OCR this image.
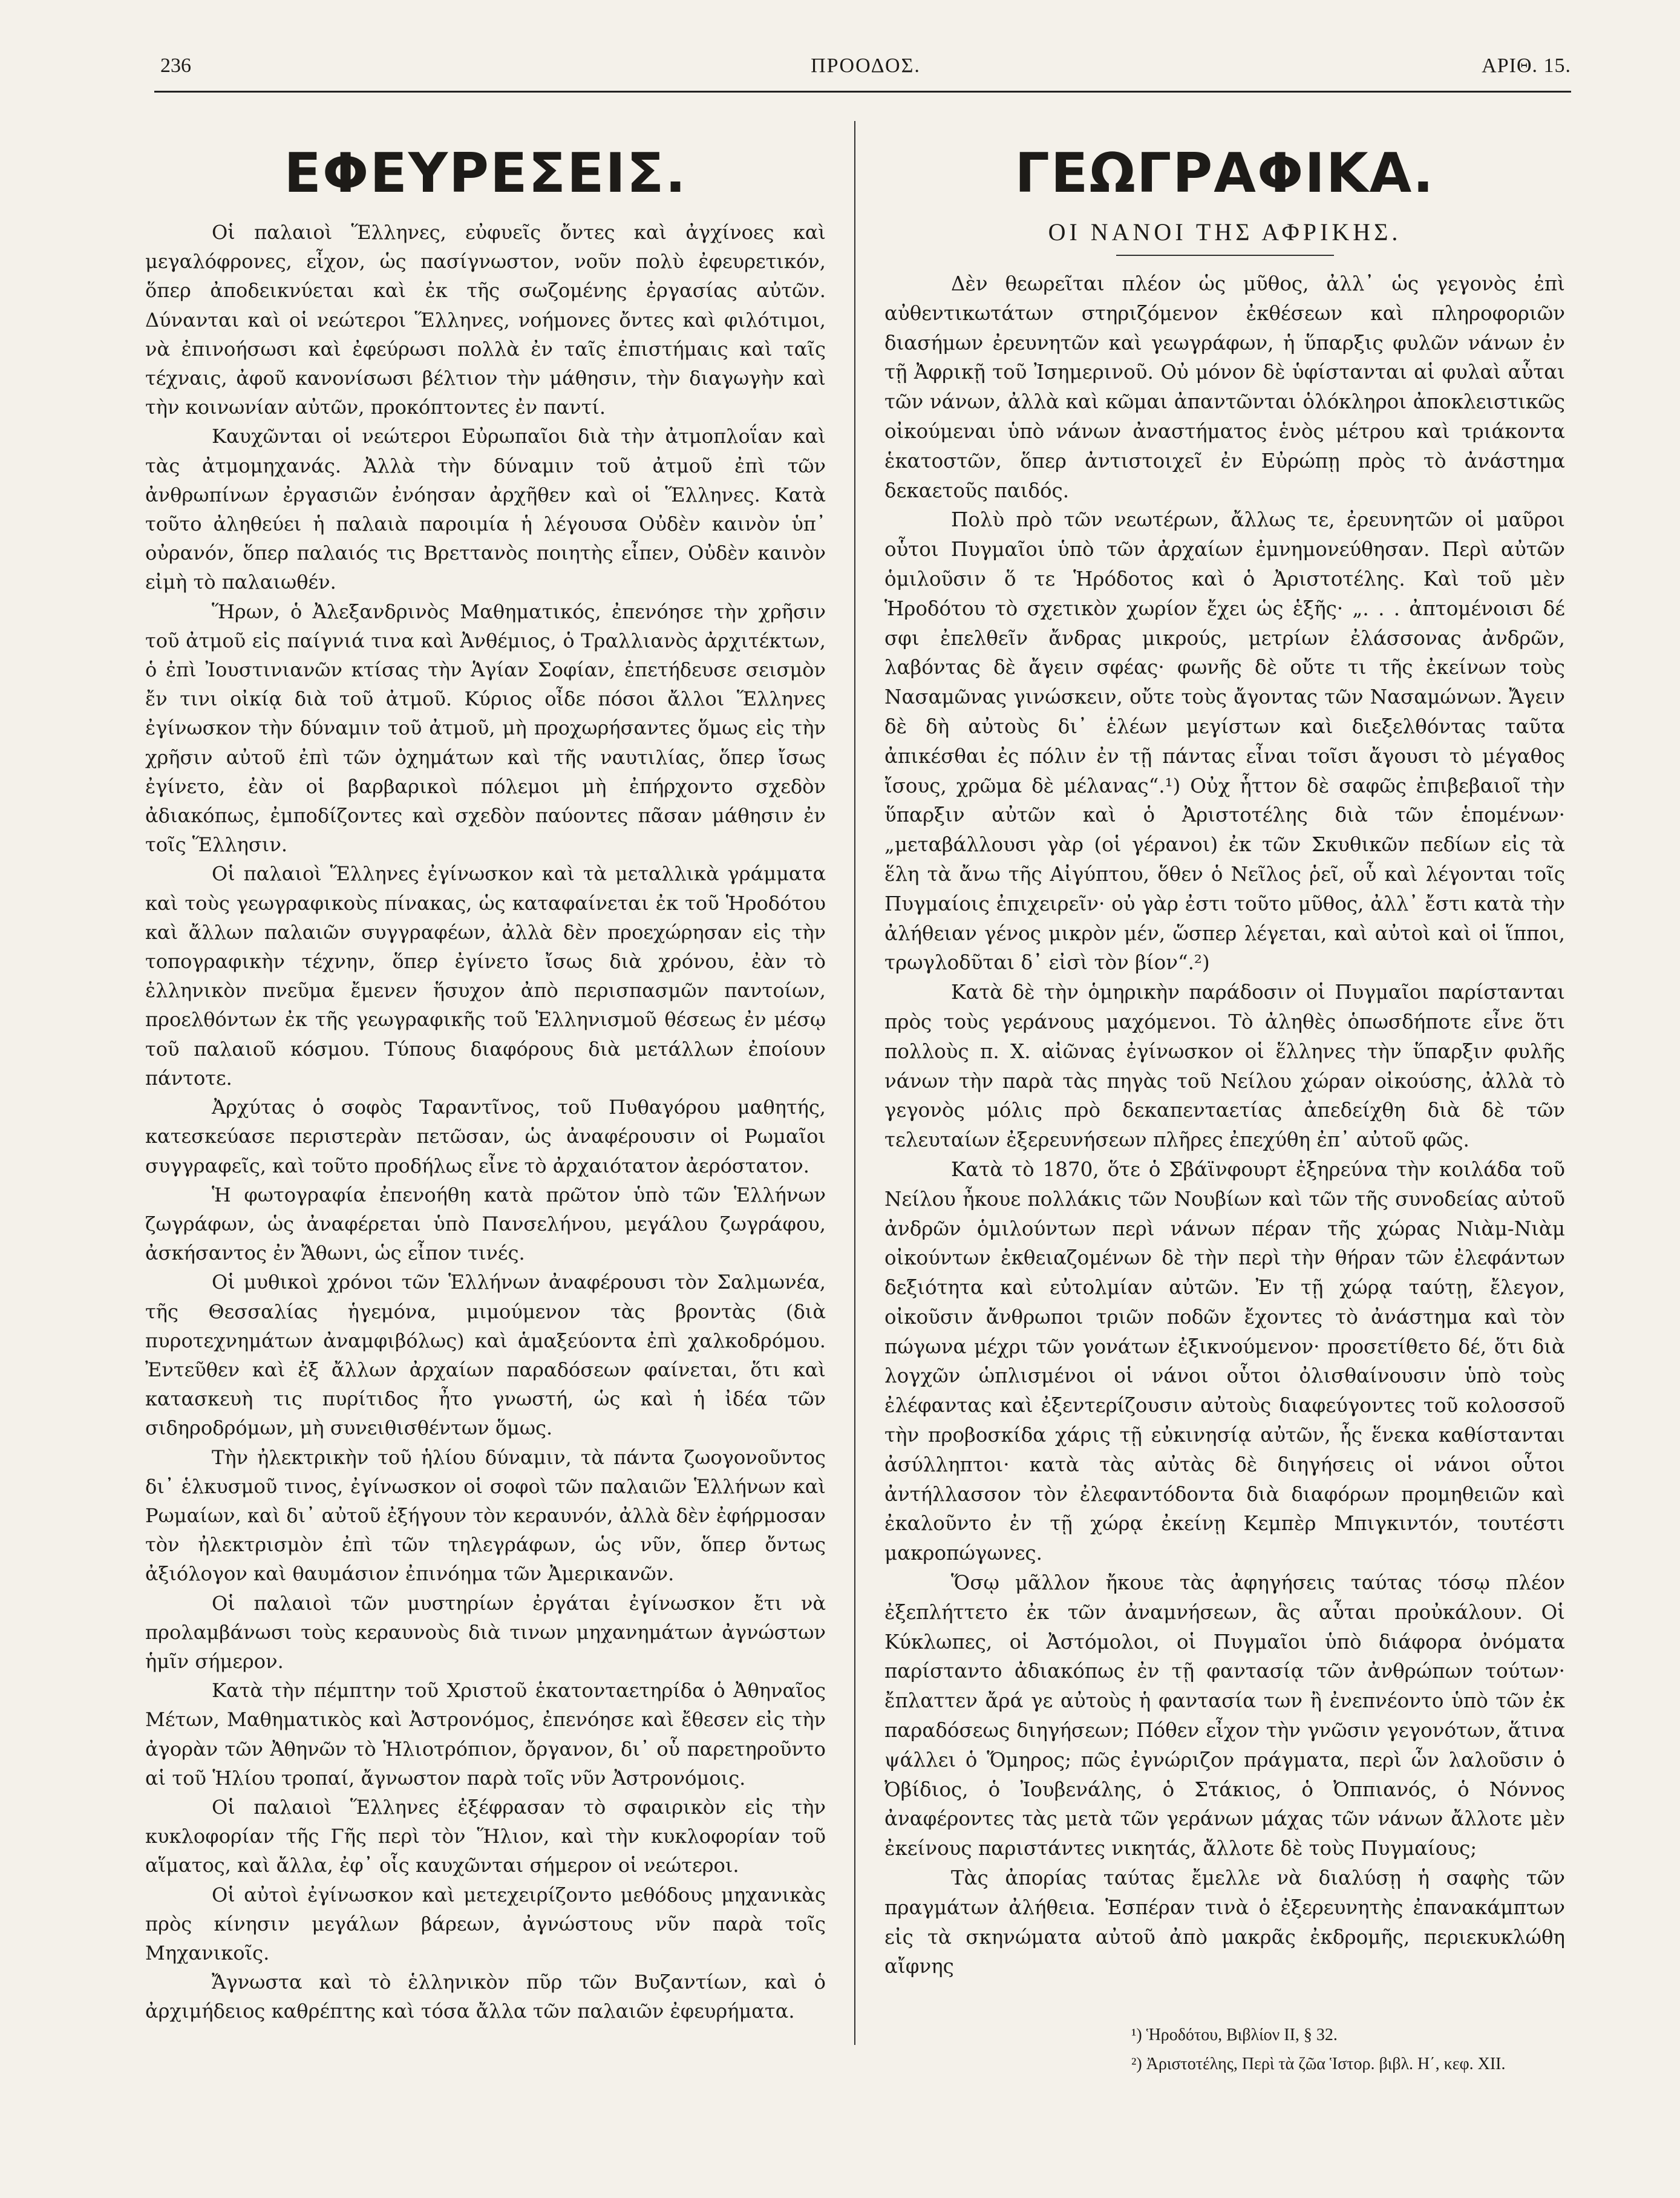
236	ΠΡΟΟΔΟΣ.	ΑΡΙΘ. 15.
ΕΦΕΥΡΕΣΕΙΣ.

Οἱ παλαιοὶ Ἕλληνες, εὐφυεῖς ὄντες καὶ ἀγχίνοες καὶ μεγαλόφρονες, εἶχον, ὡς πασίγνωστον, νοῦν πολὺ ἐφευρετικόν, ὅπερ ἀποδεικνύεται καὶ ἐκ τῆς σωζομένης ἐργασίας αὐτῶν. Δύνανται καὶ οἱ νεώτεροι Ἕλληνες, νοήμονες ὄντες καὶ φιλότιμοι, νὰ ἐπινοήσωσι καὶ ἐφεύρωσι πολλὰ ἐν ταῖς ἐπιστήμαις καὶ ταῖς τέχναις, ἀφοῦ κανονίσωσι βέλτιον τὴν μάθησιν, τὴν διαγωγὴν καὶ τὴν κοινωνίαν αὐτῶν, προκόπτοντες ἐν παντί.

Καυχῶνται οἱ νεώτεροι Εὐρωπαῖοι διὰ τὴν ἀτμοπλοΐαν καὶ τὰς ἀτμομηχανάς. Ἀλλὰ τὴν δύναμιν τοῦ ἀτμοῦ ἐπὶ τῶν ἀνθρωπίνων ἐργασιῶν ἐνόησαν ἀρχῆθεν καὶ οἱ Ἕλληνες. Κατὰ τοῦτο ἀληθεύει ἡ παλαιὰ παροιμία ἡ λέγουσα Οὐδὲν καινὸν ὑπ᾽ οὐρανόν, ὅπερ παλαιός τις Βρεττανὸς ποιητὴς εἶπεν, Οὐδὲν καινὸν εἰμὴ τὸ παλαιωθέν.

Ἥρων, ὁ Ἀλεξανδρινὸς Μαθηματικός, ἐπενόησε τὴν χρῆσιν τοῦ ἀτμοῦ εἰς παίγνιά τινα καὶ Ἀνθέμιος, ὁ Τραλλιανὸς ἀρχιτέκτων, ὁ ἐπὶ Ἰουστινιανῶν κτίσας τὴν Ἁγίαν Σοφίαν, ἐπετήδευσε σεισμὸν ἔν τινι οἰκίᾳ διὰ τοῦ ἀτμοῦ. Κύριος οἶδε πόσοι ἄλλοι Ἕλληνες ἐγίνωσκον τὴν δύναμιν τοῦ ἀτμοῦ, μὴ προχωρήσαντες ὅμως εἰς τὴν χρῆσιν αὐτοῦ ἐπὶ τῶν ὀχημάτων καὶ τῆς ναυτιλίας, ὅπερ ἴσως ἐγίνετο, ἐὰν οἱ βαρβαρικοὶ πόλεμοι μὴ ἐπήρχοντο σχεδὸν ἀδιακόπως, ἐμποδίζοντες καὶ σχεδὸν παύοντες πᾶσαν μάθησιν ἐν τοῖς Ἕλλησιν.

Οἱ παλαιοὶ Ἕλληνες ἐγίνωσκον καὶ τὰ μεταλλικὰ γράμματα καὶ τοὺς γεωγραφικοὺς πίνακας, ὡς καταφαίνεται ἐκ τοῦ Ἡροδότου καὶ ἄλλων παλαιῶν συγγραφέων, ἀλλὰ δὲν προεχώρησαν εἰς τὴν τοπογραφικὴν τέχνην, ὅπερ ἐγίνετο ἴσως διὰ χρόνου, ἐὰν τὸ ἑλληνικὸν πνεῦμα ἔμενεν ἥσυχον ἀπὸ περισπασμῶν παντοίων, προελθόντων ἐκ τῆς γεωγραφικῆς τοῦ Ἑλληνισμοῦ θέσεως ἐν μέσῳ τοῦ παλαιοῦ κόσμου. Τύπους διαφόρους διὰ μετάλλων ἐποίουν πάντοτε.

Ἀρχύτας ὁ σοφὸς Ταραντῖνος, τοῦ Πυθαγόρου μαθητής, κατεσκεύασε περιστερὰν πετῶσαν, ὡς ἀναφέρουσιν οἱ Ρωμαῖοι συγγραφεῖς, καὶ τοῦτο προδήλως εἶνε τὸ ἀρχαιότατον ἀερόστατον.

Ἡ φωτογραφία ἐπενοήθη κατὰ πρῶτον ὑπὸ τῶν Ἑλλήνων ζωγράφων, ὡς ἀναφέρεται ὑπὸ Πανσελήνου, μεγάλου ζωγράφου, ἀσκήσαντος ἐν Ἄθωνι, ὡς εἶπον τινές.

Οἱ μυθικοὶ χρόνοι τῶν Ἑλλήνων ἀναφέρουσι τὸν Σαλμωνέα, τῆς Θεσσαλίας ἡγεμόνα, μιμούμενον τὰς βροντὰς (διὰ πυροτεχνημάτων ἀναμφιβόλως) καὶ ἁμαξεύοντα ἐπὶ χαλκοδρόμου. Ἐντεῦθεν καὶ ἐξ ἄλλων ἀρχαίων παραδόσεων φαίνεται, ὅτι καὶ κατασκευὴ τις πυρίτιδος ἦτο γνωστή, ὡς καὶ ἡ ἰδέα τῶν σιδηροδρόμων, μὴ συνειθισθέντων ὅμως.

Τὴν ἠλεκτρικὴν τοῦ ἡλίου δύναμιν, τὰ πάντα ζωογονοῦντος δι᾽ ἑλκυσμοῦ τινος, ἐγίνωσκον οἱ σοφοὶ τῶν παλαιῶν Ἑλλήνων καὶ Ρωμαίων, καὶ δι᾽ αὐτοῦ ἐξήγουν τὸν κεραυνόν, ἀλλὰ δὲν ἐφήρμοσαν τὸν ἠλεκτρισμὸν ἐπὶ τῶν τηλεγράφων, ὡς νῦν, ὅπερ ὄντως ἀξιόλογον καὶ θαυμάσιον ἐπινόημα τῶν Ἀμερικανῶν.

Οἱ παλαιοὶ τῶν μυστηρίων ἐργάται ἐγίνωσκον ἔτι νὰ προλαμβάνωσι τοὺς κεραυνοὺς διὰ τινων μηχανημάτων ἀγνώστων ἡμῖν σήμερον.

Κατὰ τὴν πέμπτην τοῦ Χριστοῦ ἑκατονταετηρίδα ὁ Ἀθηναῖος Μέτων, Μαθηματικὸς καὶ Ἀστρονόμος, ἐπενόησε καὶ ἔθεσεν εἰς τὴν ἀγορὰν τῶν Ἀθηνῶν τὸ Ἡλιοτρόπιον, ὄργανον, δι᾽ οὗ παρετηροῦντο αἱ τοῦ Ἡλίου τροπαί, ἄγνωστον παρὰ τοῖς νῦν Ἀστρονόμοις.

Οἱ παλαιοὶ Ἕλληνες ἐξέφρασαν τὸ σφαιρικὸν εἰς τὴν κυκλοφορίαν τῆς Γῆς περὶ τὸν Ἥλιον, καὶ τὴν κυκλοφορίαν τοῦ αἵματος, καὶ ἄλλα, ἐφ᾽ οἷς καυχῶνται σήμερον οἱ νεώτεροι.

Οἱ αὐτοὶ ἐγίνωσκον καὶ μετεχειρίζοντο μεθόδους μηχανικὰς πρὸς κίνησιν μεγάλων βάρεων, ἀγνώστους νῦν παρὰ τοῖς Μηχανικοῖς.

Ἄγνωστα καὶ τὸ ἑλληνικὸν πῦρ τῶν Βυζαντίων, καὶ ὁ ἀρχιμήδειος καθρέπτης καὶ τόσα ἄλλα τῶν παλαιῶν ἐφευρήματα.

ΓΕΩΓΡΑΦΙΚΑ.
ΟΙ ΝΑΝΟΙ ΤΗΣ ΑΦΡΙΚΗΣ.

Δὲν θεωρεῖται πλέον ὡς μῦθος, ἀλλ᾽ ὡς γεγονὸς ἐπὶ αὐθεντικωτάτων στηριζόμενον ἐκθέσεων καὶ πληροφοριῶν διασήμων ἐρευνητῶν καὶ γεωγράφων, ἡ ὕπαρξις φυλῶν νάνων ἐν τῇ Ἀφρικῇ τοῦ Ἰσημερινοῦ. Οὐ μόνον δὲ ὑφίστανται αἱ φυλαὶ αὗται τῶν νάνων, ἀλλὰ καὶ κῶμαι ἀπαντῶνται ὁλόκληροι ἀποκλειστικῶς οἰκούμεναι ὑπὸ νάνων ἀναστήματος ἑνὸς μέτρου καὶ τριάκοντα ἑκατοστῶν, ὅπερ ἀντιστοιχεῖ ἐν Εὐρώπῃ πρὸς τὸ ἀνάστημα δεκαετοῦς παιδός.

Πολὺ πρὸ τῶν νεωτέρων, ἄλλως τε, ἐρευνητῶν οἱ μαῦροι οὗτοι Πυγμαῖοι ὑπὸ τῶν ἀρχαίων ἐμνημονεύθησαν. Περὶ αὐτῶν ὁμιλοῦσιν ὅ τε Ἡρόδοτος καὶ ὁ Ἀριστοτέλης. Καὶ τοῦ μὲν Ἡροδότου τὸ σχετικὸν χωρίον ἔχει ὡς ἑξῆς· „. . . ἀπτομένοισι δέ σφι ἐπελθεῖν ἄνδρας μικρούς, μετρίων ἐλάσσονας ἀνδρῶν, λαβόντας δὲ ἄγειν σφέας· φωνῆς δὲ οὔτε τι τῆς ἐκείνων τοὺς Νασαμῶνας γινώσκειν, οὔτε τοὺς ἄγοντας τῶν Νασαμώνων. Ἄγειν δὲ δὴ αὐτοὺς δι᾽ ἑλέων μεγίστων καὶ διεξελθόντας ταῦτα ἀπικέσθαι ἐς πόλιν ἐν τῇ πάντας εἶναι τοῖσι ἄγουσι τὸ μέγαθος ἴσους, χρῶμα δὲ μέλανας“.¹) Οὐχ ἧττον δὲ σαφῶς ἐπιβεβαιοῖ τὴν ὕπαρξιν αὐτῶν καὶ ὁ Ἀριστοτέλης διὰ τῶν ἑπομένων· „μεταβάλλουσι γὰρ (οἱ γέρανοι) ἐκ τῶν Σκυθικῶν πεδίων εἰς τὰ ἕλη τὰ ἄνω τῆς Αἰγύπτου, ὅθεν ὁ Νεῖλος ῥεῖ, οὗ καὶ λέγονται τοῖς Πυγμαίοις ἐπιχειρεῖν· οὐ γὰρ ἐστι τοῦτο μῦθος, ἀλλ᾽ ἔστι κατὰ τὴν ἀλήθειαν γένος μικρὸν μέν, ὥσπερ λέγεται, καὶ αὐτοὶ καὶ οἱ ἵπποι, τρωγλοδῦται δ᾽ εἰσὶ τὸν βίον“.²)

Κατὰ δὲ τὴν ὁμηρικὴν παράδοσιν οἱ Πυγμαῖοι παρίστανται πρὸς τοὺς γεράνους μαχόμενοι. Τὸ ἀληθὲς ὁπωσδήποτε εἶνε ὅτι πολλοὺς π. Χ. αἰῶνας ἐγίνωσκον οἱ ἕλληνες τὴν ὕπαρξιν φυλῆς νάνων τὴν παρὰ τὰς πηγὰς τοῦ Νείλου χώραν οἰκούσης, ἀλλὰ τὸ γεγονὸς μόλις πρὸ δεκαπενταετίας ἀπεδείχθη διὰ δὲ τῶν τελευταίων ἐξερευνήσεων πλῆρες ἐπεχύθη ἐπ᾽ αὐτοῦ φῶς.

Κατὰ τὸ 1870, ὅτε ὁ Σβάϊνφουρτ ἐξηρεύνα τὴν κοιλάδα τοῦ Νείλου ἦκουε πολλάκις τῶν Νουβίων καὶ τῶν τῆς συνοδείας αὐτοῦ ἀνδρῶν ὁμιλούντων περὶ νάνων πέραν τῆς χώρας Νιὰμ-Νιὰμ οἰκούντων ἐκθειαζομένων δὲ τὴν περὶ τὴν θήραν τῶν ἐλεφάντων δεξιότητα καὶ εὐτολμίαν αὐτῶν. Ἐν τῇ χώρᾳ ταύτῃ, ἔλεγον, οἰκοῦσιν ἄνθρωποι τριῶν ποδῶν ἔχοντες τὸ ἀνάστημα καὶ τὸν πώγωνα μέχρι τῶν γονάτων ἐξικνούμενον· προσετίθετο δέ, ὅτι διὰ λογχῶν ὡπλισμένοι οἱ νάνοι οὗτοι ὀλισθαίνουσιν ὑπὸ τοὺς ἐλέφαντας καὶ ἐξεντερίζουσιν αὐτοὺς διαφεύγοντες τοῦ κολοσσοῦ τὴν προβοσκίδα χάρις τῇ εὐκινησίᾳ αὐτῶν, ἧς ἕνεκα καθίστανται ἀσύλληπτοι· κατὰ τὰς αὐτὰς δὲ διηγήσεις οἱ νάνοι οὗτοι ἀντήλλασσον τὸν ἐλεφαντόδοντα διὰ διαφόρων προμηθειῶν καὶ ἐκαλοῦντο ἐν τῇ χώρᾳ ἐκείνῃ Κεμπὲρ Μπιγκιντόν, τουτέστι μακροπώγωνες.

Ὅσῳ μᾶλλον ἤκουε τὰς ἀφηγήσεις ταύτας τόσῳ πλέον ἐξεπλήττετο ἐκ τῶν ἀναμνήσεων, ἃς αὗται προὐκάλουν. Οἱ Κύκλωπες, οἱ Ἀστόμολοι, οἱ Πυγμαῖοι ὑπὸ διάφορα ὀνόματα παρίσταντο ἀδιακόπως ἐν τῇ φαντασίᾳ τῶν ἀνθρώπων τούτων· ἔπλαττεν ἄρά γε αὐτοὺς ἡ φαντασία των ἢ ἐνεπνέοντο ὑπὸ τῶν ἐκ παραδόσεως διηγήσεων; Πόθεν εἶχον τὴν γνῶσιν γεγονότων, ἅτινα ψάλλει ὁ Ὅμηρος; πῶς ἐγνώριζον πράγματα, περὶ ὧν λαλοῦσιν ὁ Ὀβίδιος, ὁ Ἰουβενάλης, ὁ Στάκιος, ὁ Ὀππιανός, ὁ Νόννος ἀναφέροντες τὰς μετὰ τῶν γεράνων μάχας τῶν νάνων ἄλλοτε μὲν ἐκείνους παριστάντες νικητάς, ἄλλοτε δὲ τοὺς Πυγμαίους;

Τὰς ἀπορίας ταύτας ἔμελλε νὰ διαλύσῃ ἡ σαφὴς τῶν πραγμάτων ἀλήθεια. Ἑσπέραν τινὰ ὁ ἐξερευνητὴς ἐπανακάμπτων εἰς τὰ σκηνώματα αὐτοῦ ἀπὸ μακρᾶς ἐκδρομῆς, περιεκυκλώθη αἴφνης

¹) Ἡροδότου, Βιβλίον II, § 32.
²) Ἀριστοτέλης, Περὶ τὰ ζῶα Ἱστορ. βιβλ. Η΄, κεφ. XII.
